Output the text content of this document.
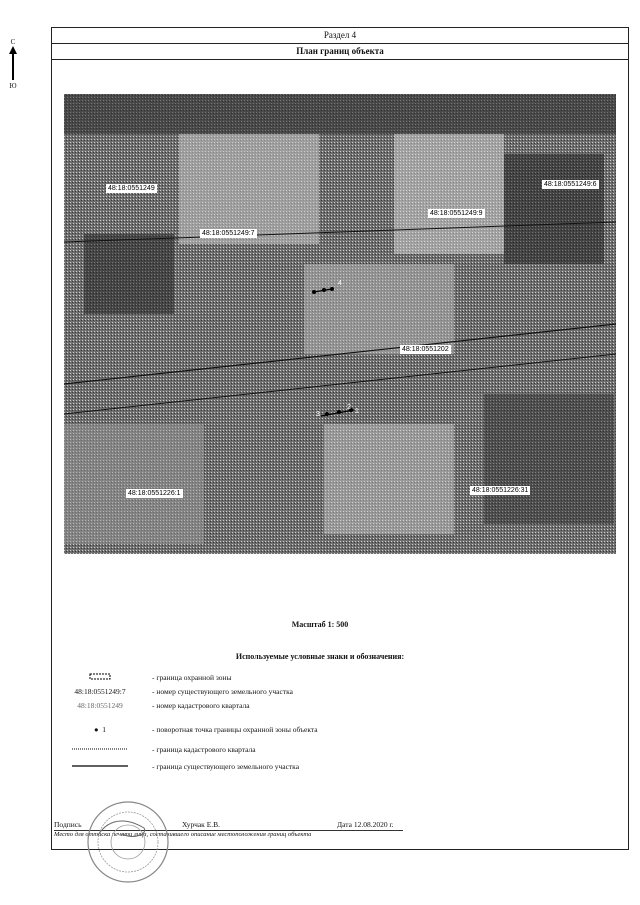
Раздел 4
План границ объекта
С
Ю
48:18:0551249
48:18:0551249:7
48:18:0551249:9
48:18:0551249:6
48:18:0551202
48:18:0551226:1	48:18:0551226:31
4
3
2
1
Масштаб 1: 500
Используемые условные знаки и обозначения:
- граница охранной зоны
48:18:0551249:7	- номер существующего земельного участка
48:18:0551249	- номер кадастрового квартала
● 1	- поворотная точка границы охранной зоны объекта
- граница кадастрового квартала
- граница существующего земельного участка
Подпись	Хурчак Е.В.	Дата 12.08.2020 г.
Место для оттиска печати лица, составившего описание местоположения границ объекта
